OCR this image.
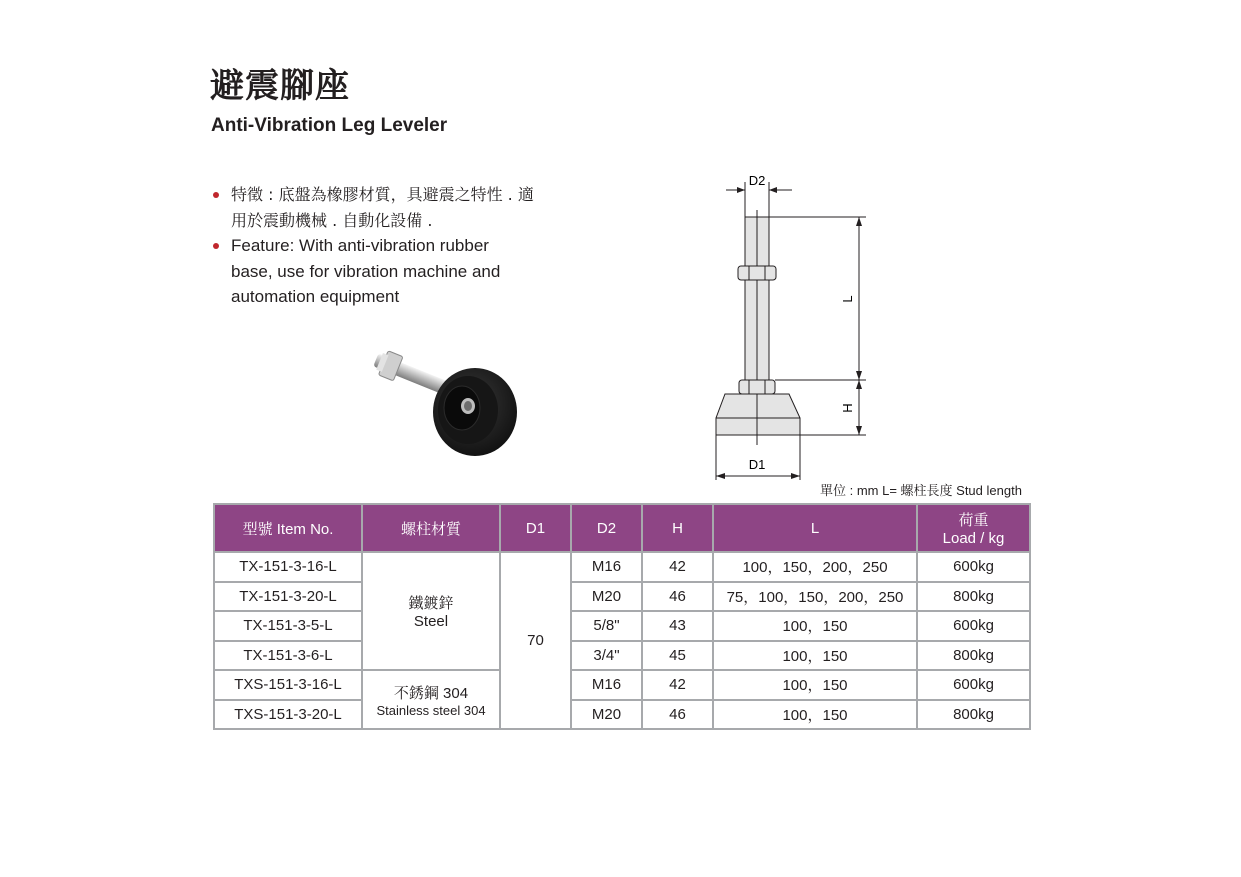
避震腳座
Anti-Vibration Leg Leveler
特徵 : 底盤為橡膠材質，具避震之特性 . 適
用於震動機械 . 自動化設備 .
Feature: With anti-vibration rubber
base, use for vibration machine and
automation equipment
D2
L
H
D1
單位 : mm L= 螺柱長度 Stud length
型號 Item No.	螺柱材質	D1	D2	H	L	荷重
Load / kg

TX-151-3-16-L	鐵鍍鋅
Steel	70	M16	42	100，150，200，250	600kg
TX-151-3-20-L			M20	46	75，100，150，200，250	800kg
TX-151-3-5-L			5/8"	43	100，150	600kg
TX-151-3-6-L			3/4"	45	100，150	800kg
TXS-151-3-16-L	不銹鋼 304
Stainless steel 304		M16	42	100，150	600kg
TXS-151-3-20-L			M20	46	100，150	800kg
